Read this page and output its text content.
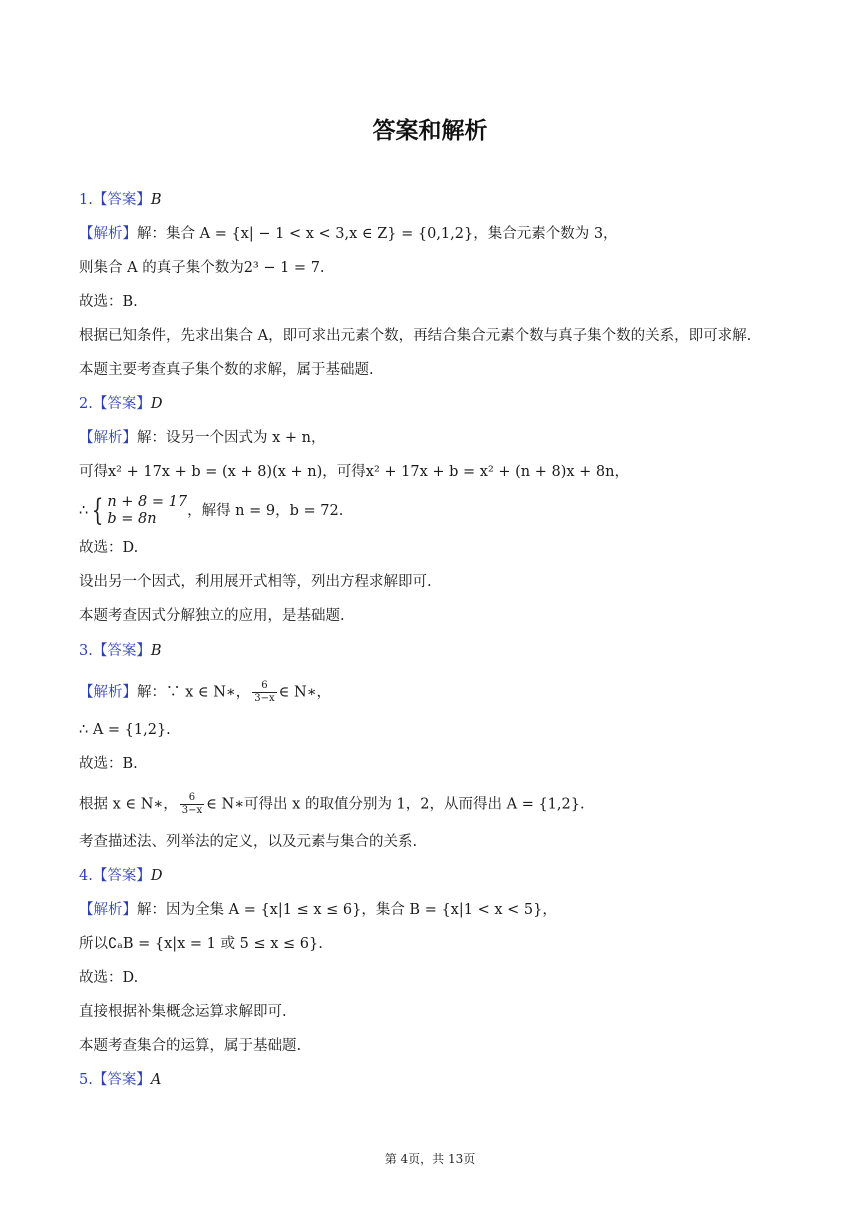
答案和解析
1.【答案】B
【解析】解：集合 A = {x| − 1 < x < 3,x ∈ Z} = {0,1,2}，集合元素个数为 3，
则集合 A 的真子集个数为2³ − 1 = 7.
故选：B.
根据已知条件，先求出集合 A，即可求出元素个数，再结合集合元素个数与真子集个数的关系，即可求解.
本题主要考查真子集个数的求解，属于基础题.
2.【答案】D
【解析】解：设另一个因式为 x + n，
可得x² + 17x + b = (x + 8)(x + n)，可得x² + 17x + b = x² + (n + 8)x + 8n，
∴ { n + 8 = 17
b = 8n	，解得 n = 9，b = 72.
故选：D.
设出另一个因式，利用展开式相等，列出方程求解即可.
本题考查因式分解独立的应用，是基础题.
3.【答案】B
【解析】解：∵ x ∈ N∗， $\frac{6}{3-x}$ ∈ N∗，
∴ A = {1,2}.
故选：B.
根据 x ∈ N∗， $\frac{6}{3-x}$ ∈ N∗可得出 x 的取值分别为 1，2，从而得出 A = {1,2}.
考查描述法、列举法的定义，以及元素与集合的关系.
4.【答案】D
【解析】解：因为全集 A = {x|1 ≤ x ≤ 6}，集合 B = {x|1 < x < 5}，
所以∁ₐB = {x|x = 1 或 5 ≤ x ≤ 6}.
故选：D.
直接根据补集概念运算求解即可.
本题考查集合的运算，属于基础题.
5.【答案】A
第 4页，共 13页
